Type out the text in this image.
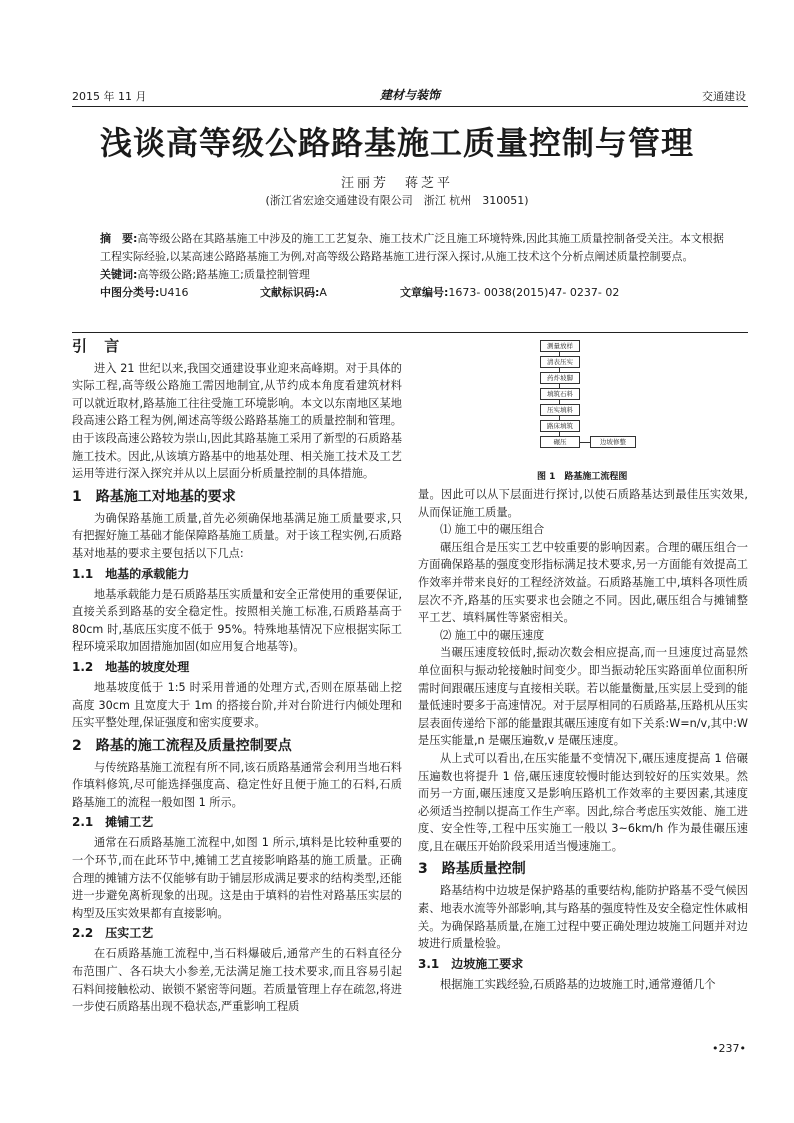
2015 年 11 月	建材与装饰	交通建设
浅谈高等级公路路基施工质量控制与管理
汪丽芳　蒋芝平
(浙江省宏途交通建设有限公司　浙江 杭州　310051)
摘　要:高等级公路在其路基施工中涉及的施工工艺复杂、施工技术广泛且施工环境特殊,因此其施工质量控制备受关注。本文根据工程实际经验,以某高速公路路基施工为例,对高等级公路路基施工进行深入探讨,从施工技术这个分析点阐述质量控制要点。
关键词:高等级公路;路基施工;质量控制管理
中图分类号:U416	文献标识码:A	文章编号:1673- 0038(2015)47- 0237- 02
引 言

进入 21 世纪以来,我国交通建设事业迎来高峰期。对于具体的实际工程,高等级公路施工需因地制宜,从节约成本角度看建筑材料可以就近取材,路基施工往往受施工环境影响。本文以东南地区某地段高速公路工程为例,阐述高等级公路路基施工的质量控制和管理。由于该段高速公路较为崇山,因此其路基施工采用了新型的石质路基施工技术。因此,从该填方路基中的地基处理、相关施工技术及工艺运用等进行深入探究并从以上层面分析质量控制的具体措施。

1　路基施工对地基的要求

为确保路基施工质量,首先必须确保地基满足施工质量要求,只有把握好施工基础才能保障路基施工质量。对于该工程实例,石质路基对地基的要求主要包括以下几点:

1.1　地基的承载能力

地基承载能力是石质路基压实质量和安全正常使用的重要保证,直接关系到路基的安全稳定性。按照相关施工标准,石质路基高于 80cm 时,基底压实度不低于 95%。特殊地基情况下应根据实际工程环境采取加固措施加固(如应用复合地基等)。

1.2　地基的坡度处理

地基坡度低于 1:5 时采用普通的处理方式,否则在原基础上挖高度 30cm 且宽度大于 1m 的搭接台阶,并对台阶进行内倾处理和压实平整处理,保证强度和密实度要求。

2　路基的施工流程及质量控制要点

与传统路基施工流程有所不同,该石质路基通常会利用当地石料作填料修筑,尽可能选择强度高、稳定性好且便于施工的石料,石质路基施工的流程一般如图 1 所示。

2.1　摊铺工艺

通常在石质路基施工流程中,如图 1 所示,填料是比较种重要的一个环节,而在此环节中,摊铺工艺直接影响路基的施工质量。正确合理的摊铺方法不仅能够有助于铺层形成满足要求的结构类型,还能进一步避免离析现象的出现。这是由于填料的岩性对路基压实层的构型及压实效果都有直接影响。

2.2　压实工艺

在石质路基施工流程中,当石料爆破后,通常产生的石料直径分布范围广、各石块大小参差,无法满足施工技术要求,而且容易引起石料间接触松动、嵌锁不紧密等问题。若质量管理上存在疏忽,将进一步使石质路基出现不稳状态,严重影响工程质

测量放样
清表压实
药炸坡脚
填筑石料
压实填料
路床填筑
碾压	边坡修整
图 1　路基施工流程图

量。因此可以从下层面进行探讨,以使石质路基达到最佳压实效果,从而保证施工质量。

⑴ 施工中的碾压组合

碾压组合是压实工艺中较重要的影响因素。合理的碾压组合一方面确保路基的强度变形指标满足技术要求,另一方面能有效提高工作效率并带来良好的工程经济效益。石质路基施工中,填料各项性质层次不齐,路基的压实要求也会随之不同。因此,碾压组合与摊铺整平工艺、填料属性等紧密相关。

⑵ 施工中的碾压速度

当碾压速度较低时,振动次数会相应提高,而一旦速度过高显然单位面积与振动轮接触时间变少。即当振动轮压实路面单位面积所需时间跟碾压速度与直接相关联。若以能量衡量,压实层上受到的能量低速时要多于高速情况。对于层厚相同的石质路基,压路机从压实层表面传递给下部的能量跟其碾压速度有如下关系:W=n/v,其中:W 是压实能量,n 是碾压遍数,v 是碾压速度。

从上式可以看出,在压实能量不变情况下,碾压速度提高 1 倍碾压遍数也将提升 1 倍,碾压速度较慢时能达到较好的压实效果。然而另一方面,碾压速度又是影响压路机工作效率的主要因素,其速度必须适当控制以提高工作生产率。因此,综合考虑压实效能、施工进度、安全性等,工程中压实施工一般以 3~6km/h 作为最佳碾压速度,且在碾压开始阶段采用适当慢速施工。

3　路基质量控制

路基结构中边坡是保护路基的重要结构,能防护路基不受气候因素、地表水流等外部影响,其与路基的强度特性及安全稳定性休戚相关。为确保路基质量,在施工过程中要正确处理边坡施工问题并对边坡进行质量检验。

3.1　边坡施工要求

根据施工实践经验,石质路基的边坡施工时,通常遵循几个

•237•
